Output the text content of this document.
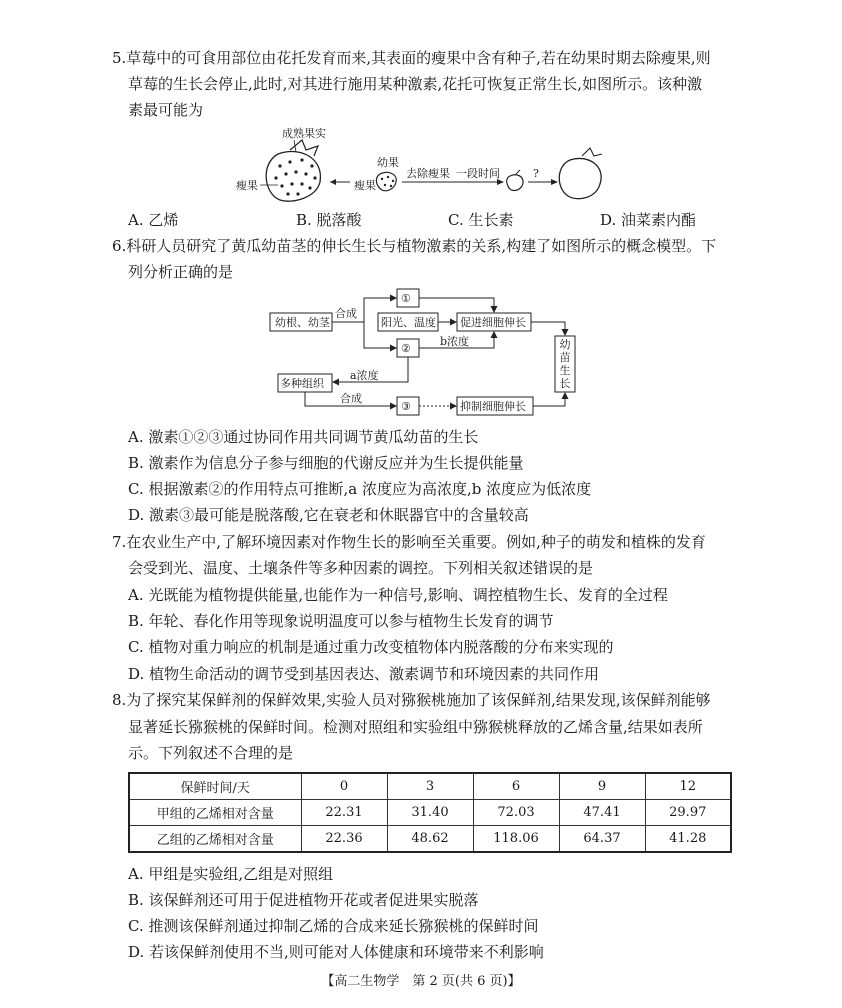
5.草莓中的可食用部位由花托发育而来,其表面的瘦果中含有种子,若在幼果时期去除瘦果,则
草莓的生长会停止,此时,对其进行施用某种激素,花托可恢复正常生长,如图所示。该种激
素最可能为
成熟果实
瘦果
幼果
瘦果
去除瘦果 一段时间	?
A. 乙烯	B. 脱落酸	C. 生长素	D. 油菜素内酯
6.科研人员研究了黄瓜幼苗茎的伸长生长与植物激素的关系,构建了如图所示的概念模型。下
列分析正确的是
幼根、幼茎
合成
①
阳光、温度 促进细胞伸长
②
b浓度
a浓度
多种组织
合成
③	抑制细胞伸长
幼苗生长
A. 激素①②③通过协同作用共同调节黄瓜幼苗的生长
B. 激素作为信息分子参与细胞的代谢反应并为生长提供能量
C. 根据激素②的作用特点可推断,a 浓度应为高浓度,b 浓度应为低浓度
D. 激素③最可能是脱落酸,它在衰老和休眠器官中的含量较高
7.在农业生产中,了解环境因素对作物生长的影响至关重要。例如,种子的萌发和植株的发育
会受到光、温度、土壤条件等多种因素的调控。下列相关叙述错误的是
A. 光既能为植物提供能量,也能作为一种信号,影响、调控植物生长、发育的全过程
B. 年轮、春化作用等现象说明温度可以参与植物生长发育的调节
C. 植物对重力响应的机制是通过重力改变植物体内脱落酸的分布来实现的
D. 植物生命活动的调节受到基因表达、激素调节和环境因素的共同作用
8.为了探究某保鲜剂的保鲜效果,实验人员对猕猴桃施加了该保鲜剂,结果发现,该保鲜剂能够
显著延长猕猴桃的保鲜时间。检测对照组和实验组中猕猴桃释放的乙烯含量,结果如表所
示。下列叙述不合理的是
保鲜时间/天	0	3	6	9	12
甲组的乙烯相对含量	22.31	31.40	72.03	47.41	29.97
乙组的乙烯相对含量	22.36	48.62	118.06	64.37	41.28
A. 甲组是实验组,乙组是对照组
B. 该保鲜剂还可用于促进植物开花或者促进果实脱落
C. 推测该保鲜剂通过抑制乙烯的合成来延长猕猴桃的保鲜时间
D. 若该保鲜剂使用不当,则可能对人体健康和环境带来不利影响
【高二生物学　第 2 页(共 6 页)】
